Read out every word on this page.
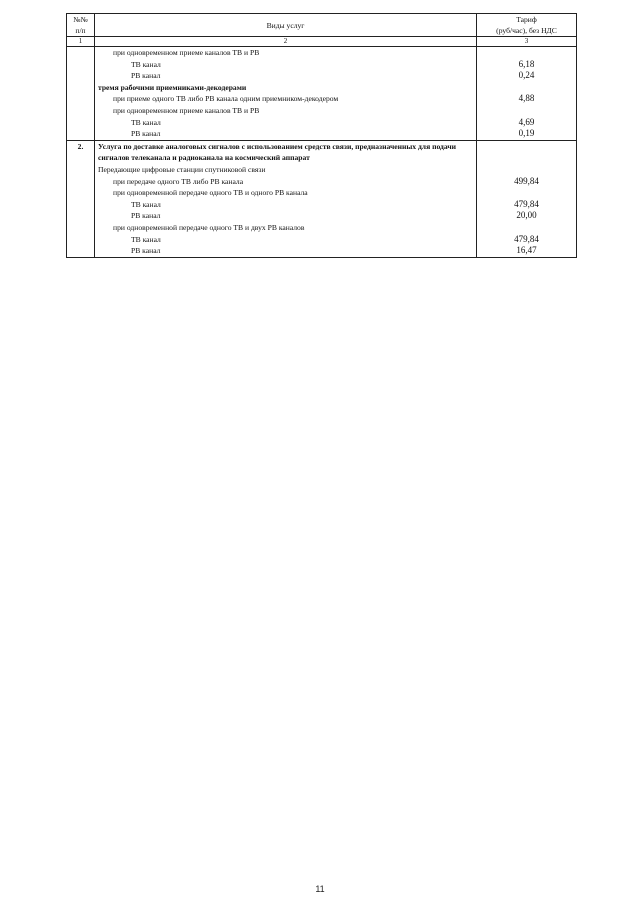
№№
п/п	Виды услуг	Тариф
(руб/час), без НДС
1	2	3
	при одновременном приеме каналов ТВ и РВ	
	ТВ канал	6,18
	РВ канал	0,24
	тремя рабочими приемниками-декодерами	
	при приеме одного ТВ либо РВ канала одним приемником-декодером	4,88
	при одновременном приеме каналов ТВ и РВ	
	ТВ канал	4,69
	РВ канал	0,19
2.	Услуга по доставке аналоговых сигналов с использованием средств связи, предназначенных для подачи сигналов телеканала и радиоканала на космический аппарат	
	Передающие цифровые станции спутниковой связи	
	при передаче одного ТВ либо РВ канала	499,84
	при одновременной передаче одного ТВ и одного РВ канала	
	ТВ канал	479,84
	РВ канал	20,00
	при одновременной передаче одного ТВ и двух РВ каналов	
	ТВ канал	479,84
	РВ канал	16,47
11
